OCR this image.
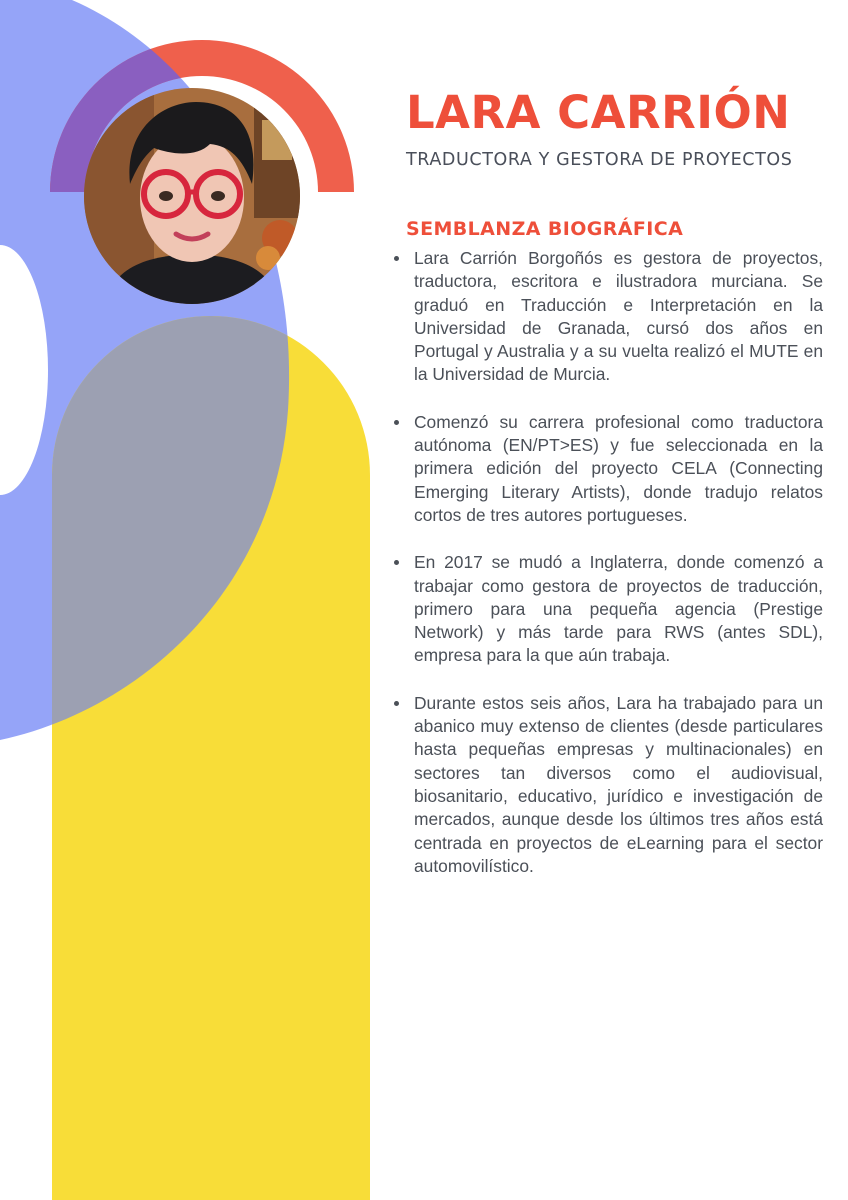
LARA CARRIÓN
TRADUCTORA Y GESTORA DE PROYECTOS
SEMBLANZA BIOGRÁFICA
Lara Carrión Borgoñós es gestora de proyectos, traductora, escritora e ilustradora murciana. Se graduó en Traducción e Interpretación en la Universidad de Granada, cursó dos años en Portugal y Australia y a su vuelta realizó el MUTE en la Universidad de Murcia.
Comenzó su carrera profesional como traductora autónoma (EN/PT>ES) y fue seleccionada en la primera edición del proyecto CELA (Connecting Emerging Literary Artists), donde tradujo relatos cortos de tres autores portugueses.
En 2017 se mudó a Inglaterra, donde comenzó a trabajar como gestora de proyectos de traducción, primero para una pequeña agencia (Prestige Network) y más tarde para RWS (antes SDL), empresa para la que aún trabaja.
Durante estos seis años, Lara ha trabajado para un abanico muy extenso de clientes (desde particulares hasta pequeñas empresas y multinacionales) en sectores tan diversos como el audiovisual, biosanitario, educativo, jurídico e investigación de mercados, aunque desde los últimos tres años está centrada en proyectos de eLearning para el sector automovilístico.
